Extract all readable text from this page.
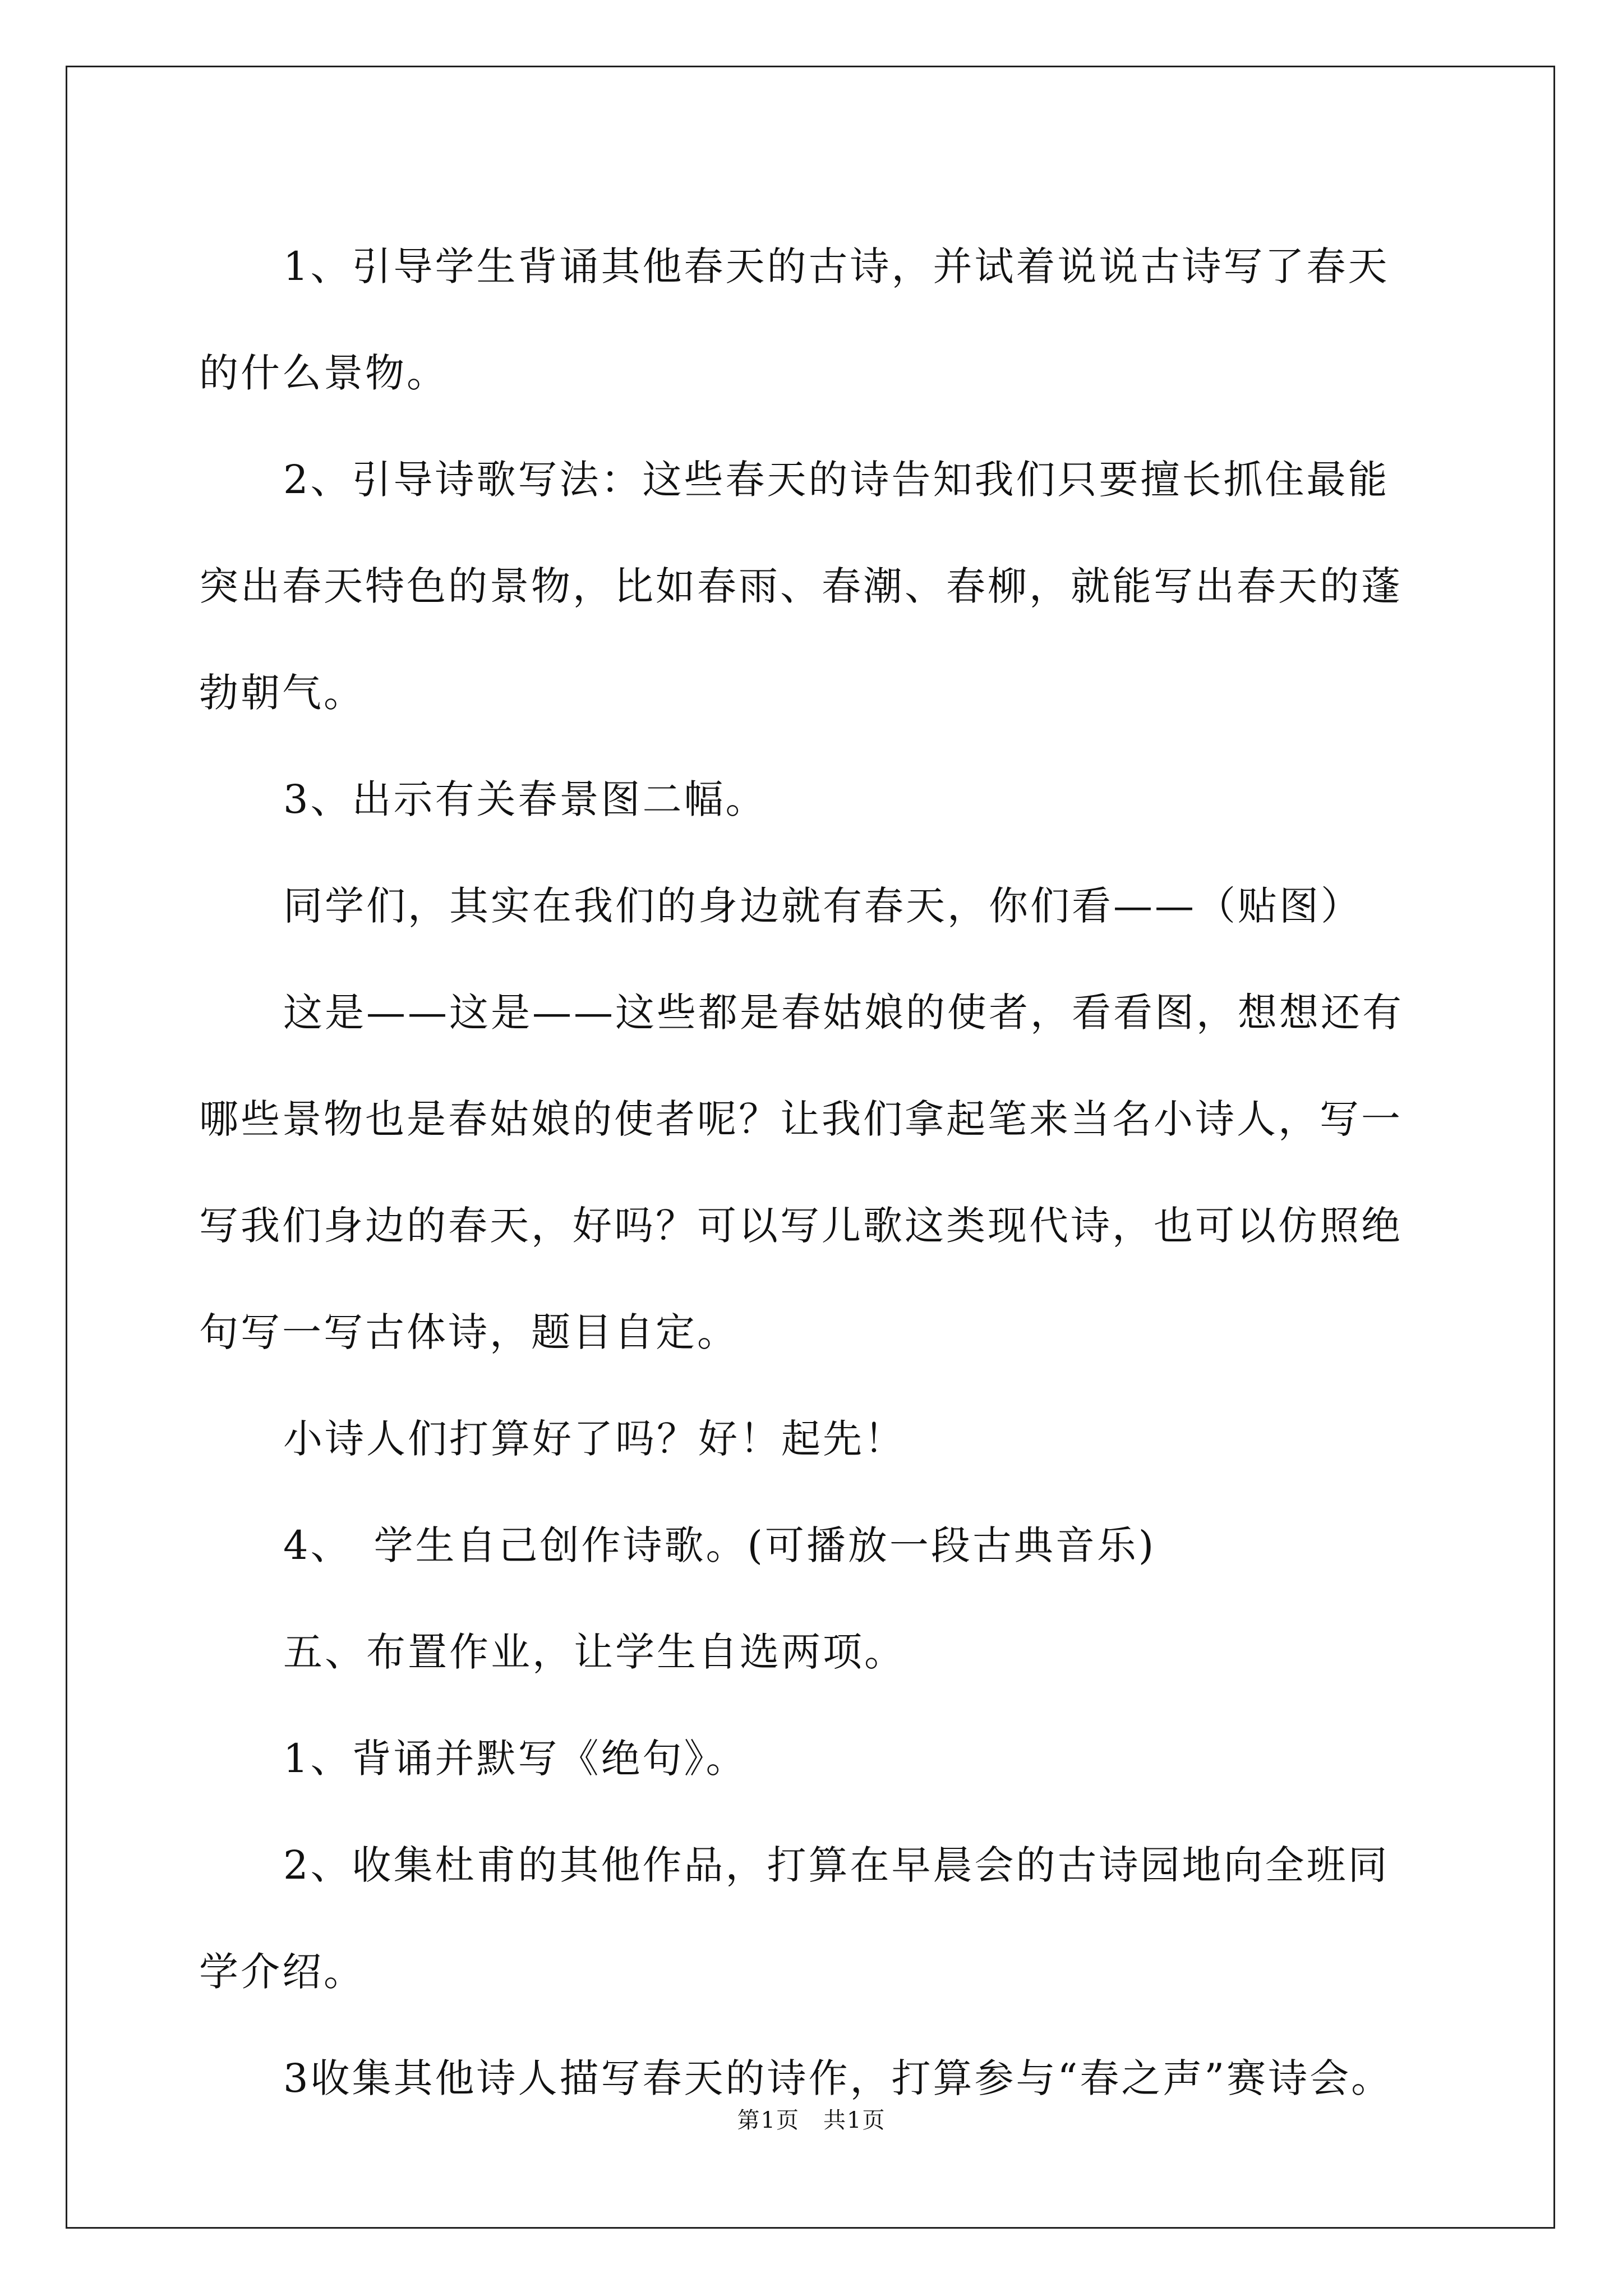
1、引导学生背诵其他春天的古诗，并试着说说古诗写了春天的什么景物。

2、引导诗歌写法：这些春天的诗告知我们只要擅长抓住最能突出春天特色的景物，比如春雨、春潮、春柳，就能写出春天的蓬勃朝气。

3、出示有关春景图二幅。

同学们，其实在我们的身边就有春天，你们看——（贴图）

这是——这是——这些都是春姑娘的使者，看看图，想想还有哪些景物也是春姑娘的使者呢？让我们拿起笔来当名小诗人，写一写我们身边的春天，好吗？可以写儿歌这类现代诗，也可以仿照绝句写一写古体诗，题目自定。

小诗人们打算好了吗？好！起先！

4、　学生自己创作诗歌。(可播放一段古典音乐)

五、布置作业，让学生自选两项。

1、背诵并默写《绝句》。

2、收集杜甫的其他作品，打算在早晨会的古诗园地向全班同学介绍。

3收集其他诗人描写春天的诗作，打算参与“春之声”赛诗会。

第1页　共1页
